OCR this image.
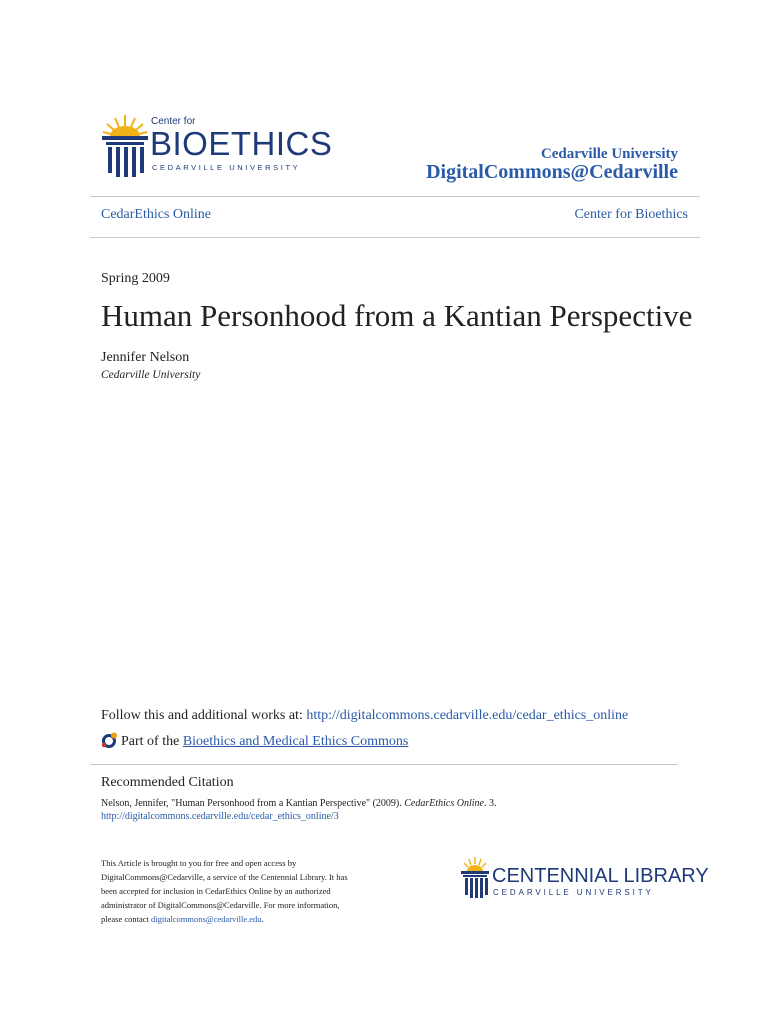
Center for
BIOETHICS
CEDARVILLE UNIVERSITY
Cedarville University
DigitalCommons@Cedarville
CedarEthics Online	Center for Bioethics
Spring 2009
Human Personhood from a Kantian Perspective
Jennifer Nelson
Cedarville University
Follow this and additional works at: http://digitalcommons.cedarville.edu/cedar_ethics_online
Part of the Bioethics and Medical Ethics Commons
Recommended Citation
Nelson, Jennifer, "Human Personhood from a Kantian Perspective" (2009). CedarEthics Online. 3.
http://digitalcommons.cedarville.edu/cedar_ethics_online/3
This Article is brought to you for free and open access by
DigitalCommons@Cedarville, a service of the Centennial Library. It has
been accepted for inclusion in CedarEthics Online by an authorized
administrator of DigitalCommons@Cedarville. For more information,
please contact digitalcommons@cedarville.edu.
CENTENNIAL LIBRARY
CEDARVILLE UNIVERSITY
